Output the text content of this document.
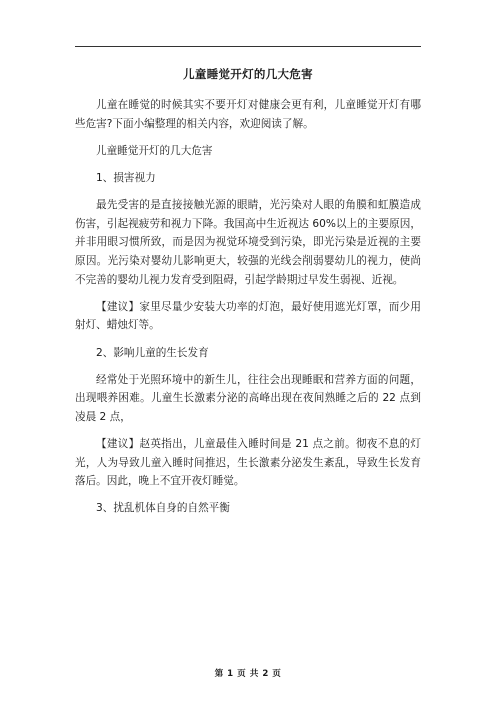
儿童睡觉开灯的几大危害

儿童在睡觉的时候其实不要开灯对健康会更有利，儿童睡觉开灯有哪些危害?下面小编整理的相关内容，欢迎阅读了解。

儿童睡觉开灯的几大危害

1、损害视力

最先受害的是直接接触光源的眼睛，光污染对人眼的角膜和虹膜造成伤害，引起视疲劳和视力下降。我国高中生近视达 60%以上的主要原因，并非用眼习惯所致，而是因为视觉环境受到污染，即光污染是近视的主要原因。光污染对婴幼儿影响更大，较强的光线会削弱婴幼儿的视力，使尚不完善的婴幼儿视力发育受到阻碍，引起学龄期过早发生弱视、近视。

【建议】家里尽量少安装大功率的灯泡，最好使用遮光灯罩，而少用射灯、蜡烛灯等。

2、影响儿童的生长发育

经常处于光照环境中的新生儿，往往会出现睡眠和营养方面的问题，出现喂养困难。儿童生长激素分泌的高峰出现在夜间熟睡之后的 22 点到凌晨 2 点，

【建议】赵英指出，儿童最佳入睡时间是 21 点之前。彻夜不息的灯光，人为导致儿童入睡时间推迟，生长激素分泌发生紊乱，导致生长发育落后。因此，晚上不宜开夜灯睡觉。

3、扰乱机体自身的自然平衡

第 1 页 共 2 页
